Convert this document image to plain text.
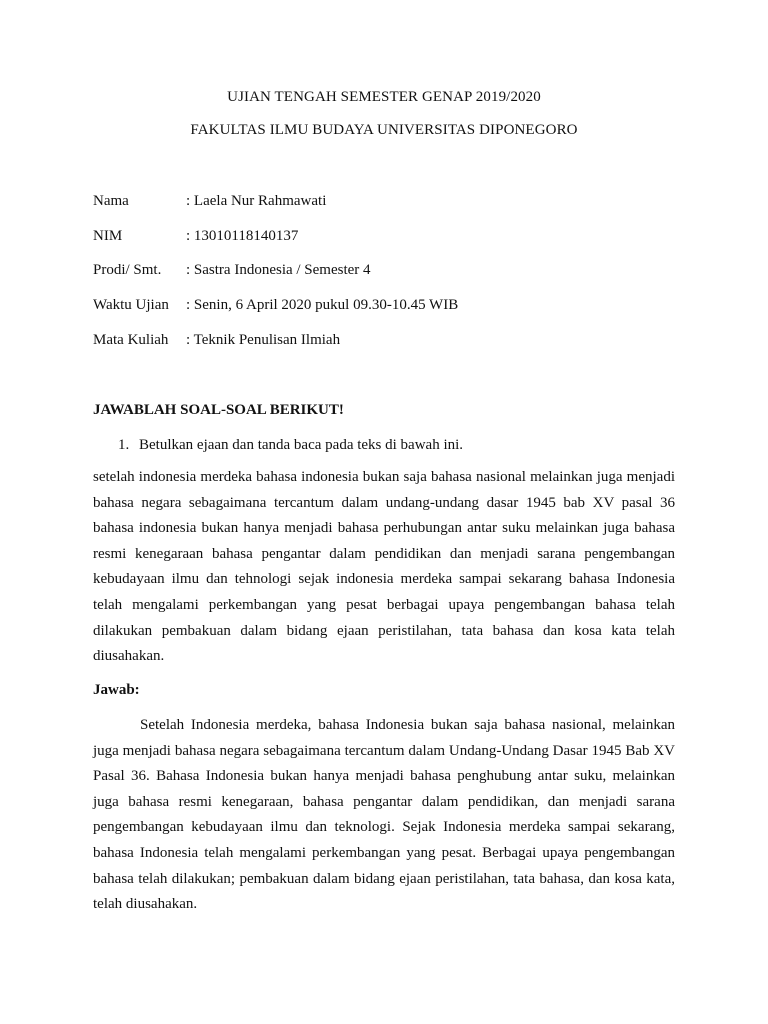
UJIAN TENGAH SEMESTER GENAP 2019/2020
FAKULTAS ILMU BUDAYA UNIVERSITAS DIPONEGORO
Nama	: Laela Nur Rahmawati
NIM	: 13010118140137
Prodi/ Smt. : Sastra Indonesia / Semester 4
Waktu Ujian : Senin, 6 April 2020 pukul 09.30-10.45 WIB
Mata Kuliah : Teknik Penulisan Ilmiah
JAWABLAH SOAL-SOAL BERIKUT!
1. Betulkan ejaan dan tanda baca pada teks di bawah ini.
setelah indonesia merdeka bahasa indonesia bukan saja bahasa nasional melainkan juga menjadi bahasa negara sebagaimana tercantum dalam undang-undang dasar 1945 bab XV pasal 36 bahasa indonesia bukan hanya menjadi bahasa perhubungan antar suku melainkan juga bahasa resmi kenegaraan bahasa pengantar dalam pendidikan dan menjadi sarana pengembangan kebudayaan ilmu dan tehnologi sejak indonesia merdeka sampai sekarang bahasa Indonesia telah mengalami perkembangan yang pesat berbagai upaya pengembangan bahasa telah dilakukan pembakuan dalam bidang ejaan peristilahan, tata bahasa dan kosa kata telah diusahakan.
Jawab:
Setelah Indonesia merdeka, bahasa Indonesia bukan saja bahasa nasional, melainkan juga menjadi bahasa negara sebagaimana tercantum dalam Undang-Undang Dasar 1945 Bab XV Pasal 36. Bahasa Indonesia bukan hanya menjadi bahasa penghubung antar suku, melainkan juga bahasa resmi kenegaraan, bahasa pengantar dalam pendidikan, dan menjadi sarana pengembangan kebudayaan ilmu dan teknologi. Sejak Indonesia merdeka sampai sekarang, bahasa Indonesia telah mengalami perkembangan yang pesat. Berbagai upaya pengembangan bahasa telah dilakukan; pembakuan dalam bidang ejaan peristilahan, tata bahasa, dan kosa kata, telah diusahakan.
